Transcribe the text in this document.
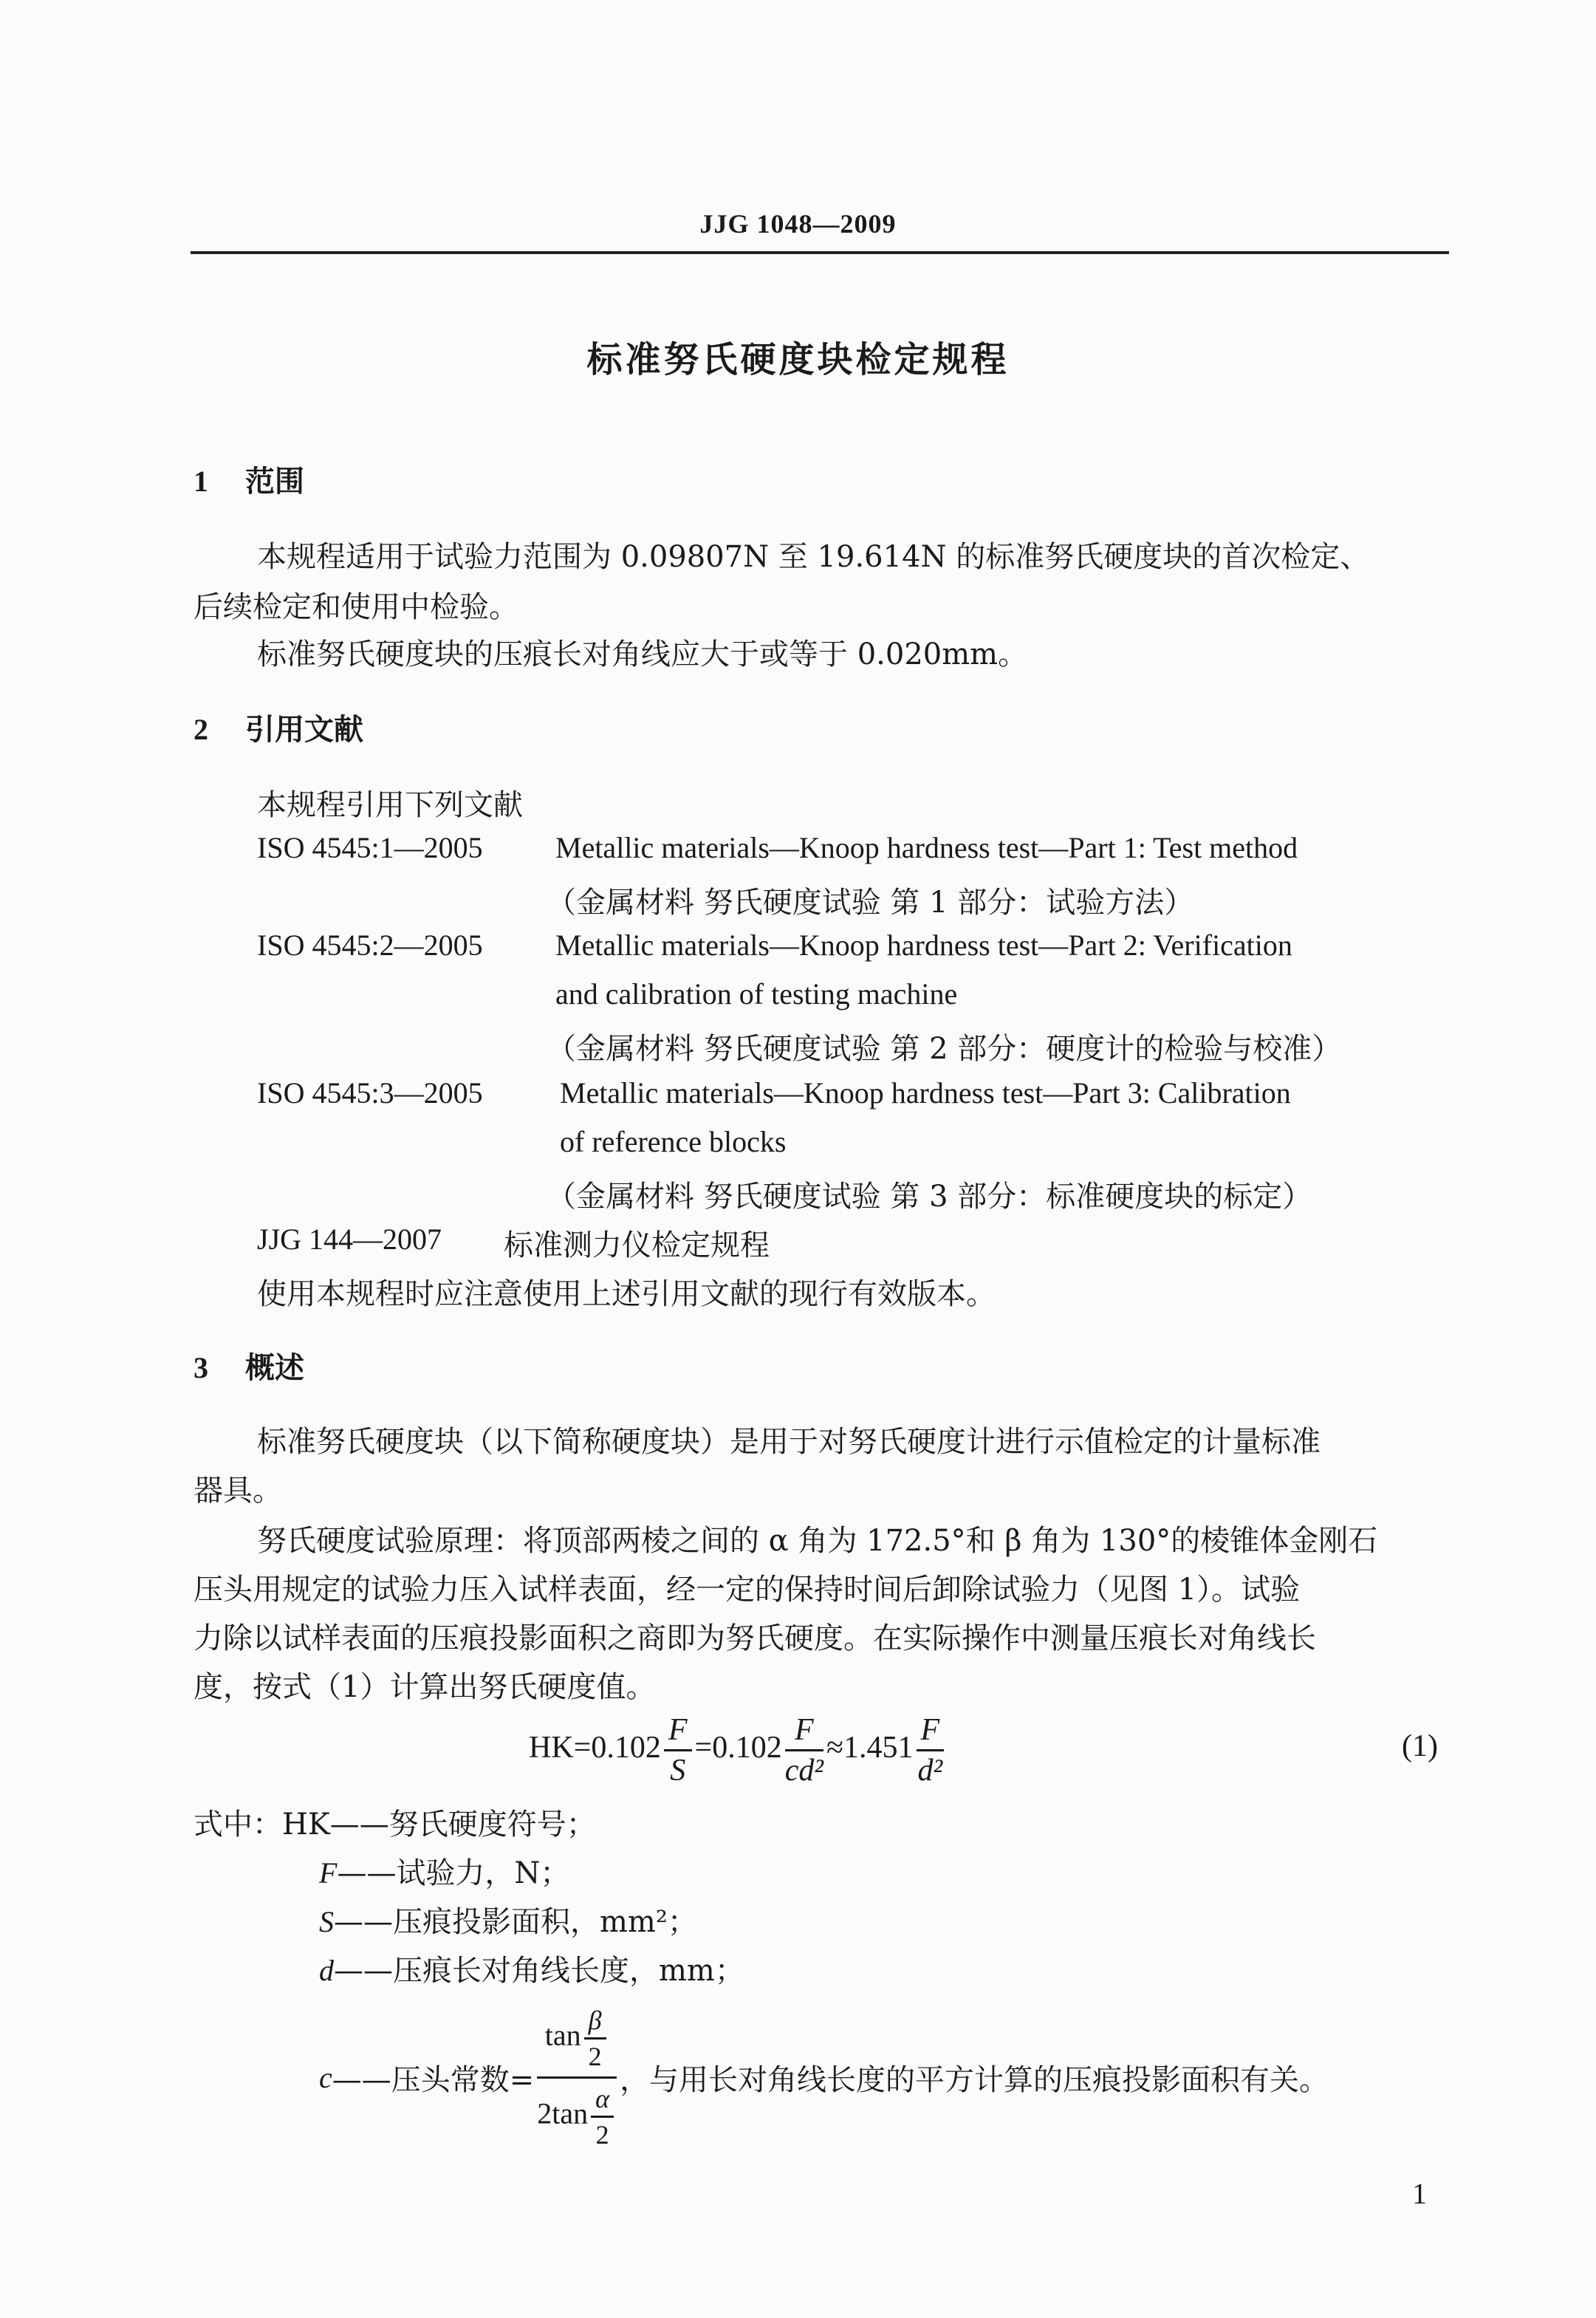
JJG 1048—2009
标准努氏硬度块检定规程
1 范围
本规程适用于试验力范围为 0.09807N 至 19.614N 的标准努氏硬度块的首次检定、
后续检定和使用中检验。
标准努氏硬度块的压痕长对角线应大于或等于 0.020mm。
2 引用文献
本规程引用下列文献
ISO 4545:1—2005 Metallic materials—Knoop hardness test—Part 1: Test method
（金属材料 努氏硬度试验 第 1 部分：试验方法）
ISO 4545:2—2005 Metallic materials—Knoop hardness test—Part 2: Verification
and calibration of testing machine
（金属材料 努氏硬度试验 第 2 部分：硬度计的检验与校准）
ISO 4545:3—2005	Metallic materials—Knoop hardness test—Part 3: Calibration
of reference blocks
（金属材料 努氏硬度试验 第 3 部分：标准硬度块的标定）
JJG 144—2007 标准测力仪检定规程
使用本规程时应注意使用上述引用文献的现行有效版本。
3 概述
标准努氏硬度块（以下简称硬度块）是用于对努氏硬度计进行示值检定的计量标准
器具。
努氏硬度试验原理：将顶部两棱之间的 α 角为 172.5°和 β 角为 130°的棱锥体金刚石
压头用规定的试验力压入试样表面，经一定的保持时间后卸除试验力（见图 1）。试验
力除以试样表面的压痕投影面积之商即为努氏硬度。在实际操作中测量压痕长对角线长
度，按式（1）计算出努氏硬度值。
$HK=0.102 \frac{F}{S} =0.102 \frac{F}{\text{cd²}} \approx 1.451 \frac{F}{\text{d²}}$	(1)
式中：HK——努氏硬度符号；
F——试验力，N；
S——压痕投影面积，mm²；
d——压痕长对角线长度，mm；
c——压头常数= $\frac{\tan \frac{\beta}{2}}{2\tan \frac{\alpha}{2}}$ ，与用长对角线长度的平方计算的压痕投影面积有关。
1
